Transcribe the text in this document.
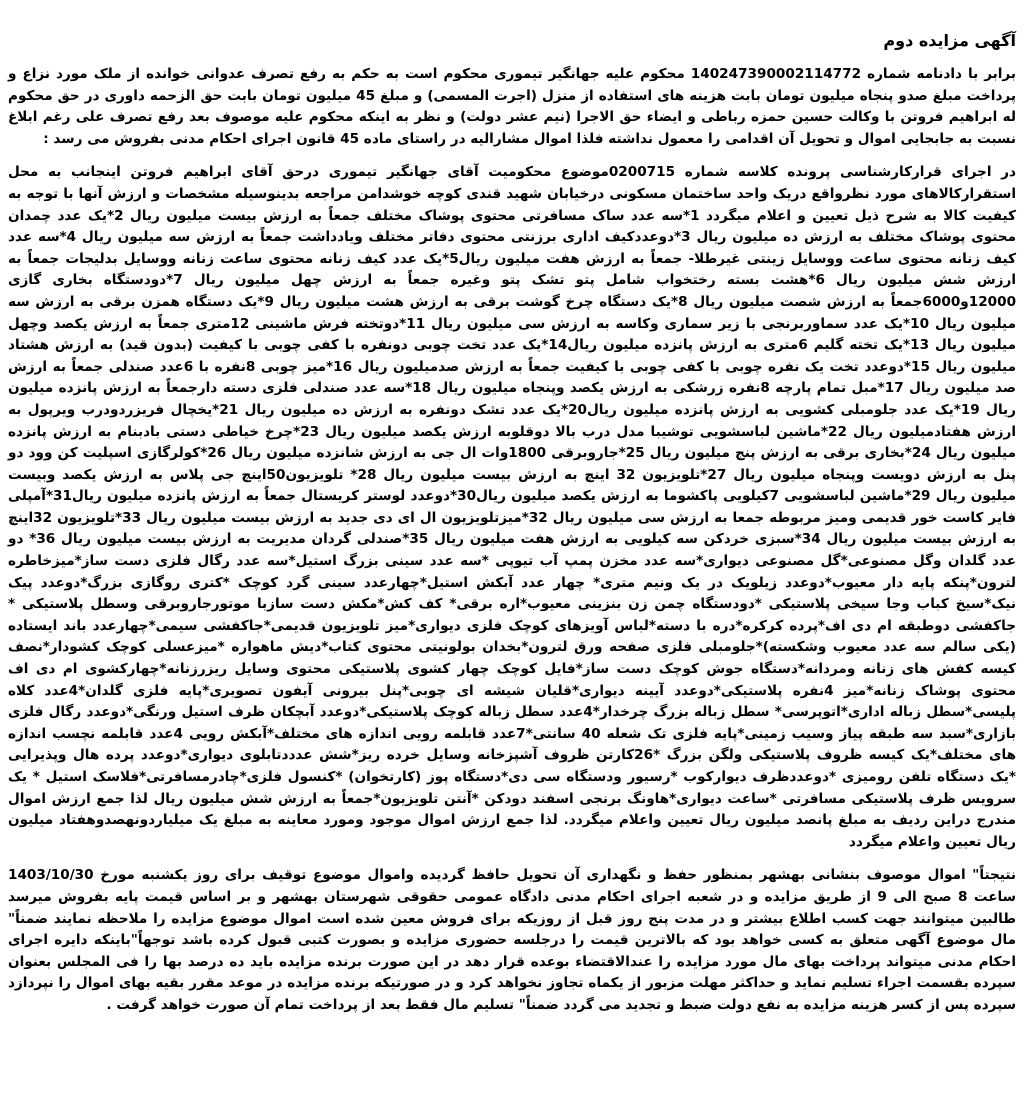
آگهی مزایده دوم

برابر با دادنامه شماره 140247390002114772 محکوم علیه جهانگیر تیموری محکوم است به حکم به رفع تصرف عدوانی خوانده از ملک مورد نزاع و پرداخت مبلغ صدو پنجاه میلیون تومان بابت هزینه های استفاده از منزل (اجرت المسمی) و مبلغ 45 میلیون تومان بابت حق الزحمه داوری در حق محکوم له ابراهیم فروتن با وکالت حسین حمزه رباطی و ایضاء حق الاجرا (نیم عشر دولت) و نظر به اینکه محکوم علیه موصوف بعد رفع تصرف علی رغم ابلاغ نسبت به جابجایی اموال و تحویل آن اقدامی را معمول نداشته فلذا اموال مشارالیه در راستای ماده 45 قانون اجرای احکام مدنی بفروش می رسد :

در اجرای قرارکارشناسی پرونده کلاسه شماره 0200715موضوع محکومیت آقای جهانگیر تیموری درحق آقای ابراهیم فروتن اینجانب به محل استقرارکالاهای مورد نظرواقع دریک واحد ساختمان مسکونی درخیابان شهید قندی کوچه خوشدامن مراجعه بدینوسیله مشخصات و ارزش آنها با توجه به کیفیت کالا به شرح ذیل تعیین و اعلام میگردد 1*سه عدد ساک مسافرتی محتوی پوشاک مختلف جمعاً به ارزش بیست میلیون ریال 2*یک عدد چمدان محتوی پوشاک مختلف به ارزش ده میلیون ریال 3*دوعددکیف اداری برزنتی محتوی دفاتر مختلف ویادداشت جمعاً به ارزش سه میلیون ریال 4*سه عدد کیف زنانه محتوی ساعت ووسایل زینتی غیرطلا- جمعاً به ارزش هفت میلیون ریال5*یک عدد کیف زنانه محتوی ساعت زنانه ووسایل بدلیجات جمعاً به ارزش شش میلیون ریال 6*هشت بسته رختخواب شامل پتو تشک پتو وغیره جمعاً به ارزش چهل میلیون ریال 7*دودستگاه بخاری گازی 12000و6000جمعاً به ارزش شصت میلیون ریال 8*یک دستگاه چرخ گوشت برقی به ارزش هشت میلیون ریال 9*یک دستگاه همزن برقی به ارزش سه میلیون ریال 10*یک عدد سماوربرنجی با زیر سماری وکاسه به ارزش سی میلیون ریال 11*دوتخته فرش ماشینی 12متری جمعاً به ارزش یکصد وچهل میلیون ریال 13*یک تخته گلیم 6متری به ارزش پانزده میلیون ریال14*یک عدد تخت چوبی دونفره با کفی چوبی با کیفیت (بدون قید) به ارزش هشتاد میلیون ریال 15*دوعدد تخت یک نفره چوبی با کفی چوبی با کیفیت جمعاً به ارزش صدمیلیون ریال 16*میز چوبی 8نفره با 6عدد صندلی جمعاً به ارزش صد میلیون ریال 17*مبل تمام پارچه 8نفره زرشکی به ارزش یکصد وپنجاه میلیون ریال 18*سه عدد صندلی فلزی دسته دارجمعاً به ارزش پانزده میلیون ریال 19*یک عدد جلومبلی کشویی به ارزش پانزده میلیون ریال20*یک عدد تشک دونفره به ارزش ده میلیون ریال 21*یخچال فریزردودرب ویرپول به ارزش هفتادمیلیون ریال 22*ماشین لباسشویی توشیبا مدل درب بالا دوقلوبه ارزش یکصد میلیون ریال 23*چرخ خیاطی دستی بادبنام به ارزش پانزده میلیون ریال 24*بخاری برقی به ارزش پنج میلیون ریال 25*جاروبرقی 1800وات ال جی به ارزش شانزده میلیون ریال 26*کولرگازی اسپلیت کن وود دو پنل به ارزش دویست وپنجاه میلیون ریال 27*تلویزیون 32 اینچ به ارزش بیست میلیون ریال 28* تلویزیون50اینچ جی پلاس به ارزش یکصد وبیست میلیون ریال 29*ماشین لباسشویی 7کیلویی پاکشوما به ارزش یکصد میلیون ریال30*دوعدد لوستر کریستال جمعاً به ارزش پانزده میلیون ریال31*آمپلی فایر کاست خور قدیمی ومیز مربوطه جمعا به ارزش سی میلیون ریال 32*میزتلویزیون ال ای دی جدید به ارزش بیست میلیون ریال 33*تلویزیون 32اینچ به ارزش بیست میلیون ریال 34*سبزی خردکن سه کیلویی به ارزش هفت میلیون ریال 35*صندلی گردان مدیریت به ارزش بیست میلیون ریال 36* دو عدد گلدان وگل مصنوعی*گل مصنوعی دیواری*سه عدد مخزن پمپ آب تیوپی *سه عدد سینی بزرگ استیل*سه عدد رگال فلزی دست ساز*میزخاطره لترون*پنکه پایه دار معیوب*دوعدد زیلویک در یک ونیم متری* چهار عدد آبکش استیل*چهارعدد سینی گرد کوچک *کتری روگازی بزرگ*دوعدد پیک نیک*سیخ کباب وجا سیخی پلاستیکی *دودستگاه چمن زن بنزینی معیوب*اره برقی* کف کش*مکش دست سازبا موتورجاروبرقی وسطل پلاستیکی * جاکفشی دوطبقه ام دی اف*پرده کرکره*دره با دسته*لباس آویزهای کوچک فلزی دیواری*میز تلویزیون قدیمی*جاکفشی سیمی*چهارعدد باند ایستاده (یکی سالم سه عدد معیوب وشکسته)*جلومبلی فلزی صفحه ورق لترون*بخدان بولونیتی محتوی کتاب*دیش ماهواره *میزعسلی کوچک کشودار*نصف کیسه کفش های زنانه ومردانه*دستگاه جوش کوچک دست ساز*فایل کوچک چهار کشوی پلاستیکی محتوی وسایل ریزرزنانه*چهارکشوی ام دی اف محتوی پوشاک زنانه*میز 4نفره پلاستیکی*دوعدد آیینه دیواری*قلیان شیشه ای چوبی*پنل بیرونی آیفون تصویری*پایه فلزی گلدان*4عدد کلاه پلیسی*سطل زباله اداری*اتوپرسی* سطل زباله بزرگ چرخدار*4عدد سطل زباله کوچک پلاستیکی*دوعدد آبچکان ظرف استیل ورنگی*دوعدد رگال فلزی بازاری*سبد سه طبقه پیاز وسیب زمینی*پایه فلزی تک شعله 40 سانتی*7عدد قابلمه رویی اندازه های مختلف*آبکش رویی 4عدد قابلمه نچسب اندازه های مختلف*یک کیسه ظروف پلاستیکی ولگن بزرگ *26کارتن ظروف آشپزخانه وسایل خرده ریز*شش عدددتابلوی دیواری*دوعدد پرده هال وپذیرایی *یک دستگاه تلفن رومیزی *دوعددظرف دیوارکوب *رسیور ودستگاه سی دی*دستگاه پوز (کارتخوان) *کنسول فلزی*چادرمسافرتی*فلاسک استیل * یک سرویس ظرف پلاستیکی مسافرتی *ساعت دیواری*هاونگ برنجی اسفند دودکن *آنتن تلویزیون*جمعاً به ارزش شش میلیون ریال لذا جمع ارزش اموال مندرج دراین ردیف به مبلغ پانصد میلیون ریال تعیین واعلام میگردد. لذا جمع ارزش اموال موجود ومورد معاینه به مبلغ یک میلیاردونهصدوهفتاد میلیون ریال تعیین واعلام میگردد

نتیجتاً" اموال موصوف بنشانی بهشهر بمنظور حفظ و نگهداری آن تحویل حافظ گردیده واموال موضوع توقیف برای روز یکشنبه مورخ 1403/10/30 ساعت 8 صبح الی 9 از طریق مزایده و در شعبه اجرای احکام مدنی دادگاه عمومی حقوقی شهرستان بهشهر و بر اساس قیمت پایه بفروش میرسد طالبین میتوانند جهت کسب اطلاع بیشتر و در مدت پنج روز قبل از روزیکه برای فروش معین شده است اموال موضوع مزایده را ملاحظه نمایند ضمناً" مال موضوع آگهی متعلق به کسی خواهد بود که بالاترین قیمت را درجلسه حضوری مزایده و بصورت کتبی قبول کرده باشد توجهاً"باینکه دایره اجرای احکام مدنی میتواند پرداخت بهای مال مورد مزایده را عندالاقتضاء بوعده قرار دهد در این صورت برنده مزایده باید ده درصد بها را فی المجلس بعنوان سپرده بقسمت اجراء تسلیم نماید و حداکثر مهلت مزبور از یکماه تجاوز نخواهد کرد و در صورتیکه برنده مزایده در موعد مقرر بقیه بهای اموال را نپردازد سپرده پس از کسر هزینه مزایده به نفع دولت ضبط و تجدید می گردد ضمناً" تسلیم مال فقط بعد از پرداخت تمام آن صورت خواهد گرفت .
